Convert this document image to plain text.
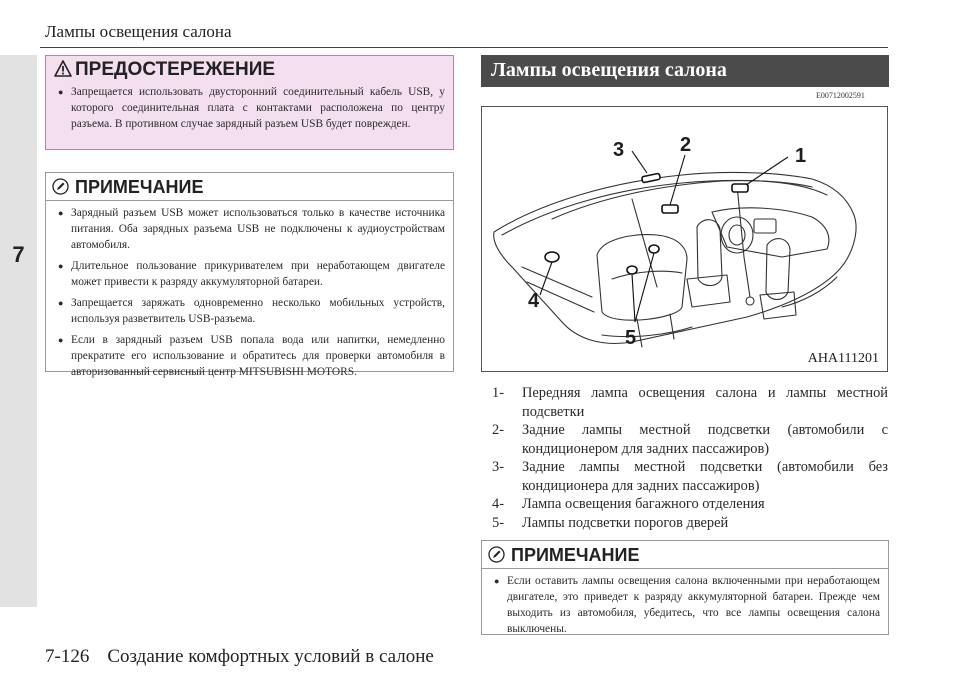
7
Лампы освещения салона
ПРЕДОСТЕРЕЖЕНИЕ
● Запрещается использовать двусторонний соединительный кабель USB, у которого соединительная плата с контактами расположена по центру разъема. В противном случае зарядный разъем USB будет поврежден.
ПРИМЕЧАНИЕ
● Зарядный разъем USB может использоваться только в качестве источника питания. Оба зарядных разъема USB не подключены к аудиоустройствам автомобиля.
● Длительное пользование прикуривателем при неработающем двигателе может привести к разряду аккумуляторной батареи.
● Запрещается заряжать одновременно несколько мобильных устройств, используя разветвитель USB-разъема.
● Если в зарядный разъем USB попала вода или напитки, немедленно прекратите его использование и обратитесь для проверки автомобиля в авторизованный сервисный центр MITSUBISHI MOTORS.
Лампы освещения салона
E00712002591
1
2
3
4
5
AHA111201
1- Передняя лампа освещения салона и лампы местной подсветки
2- Задние лампы местной подсветки (автомобили с кондиционером для задних пассажиров)
3- Задние лампы местной подсветки (автомобили без кондиционера для задних пассажиров)
4- Лампа освещения багажного отделения
5- Лампы подсветки порогов дверей
ПРИМЕЧАНИЕ
● Если оставить лампы освещения салона включенными при неработающем двигателе, это приведет к разряду аккумуляторной батареи. Прежде чем выходить из автомобиля, убедитесь, что все лампы освещения салона выключены.
7-126 Создание комфортных условий в салоне
